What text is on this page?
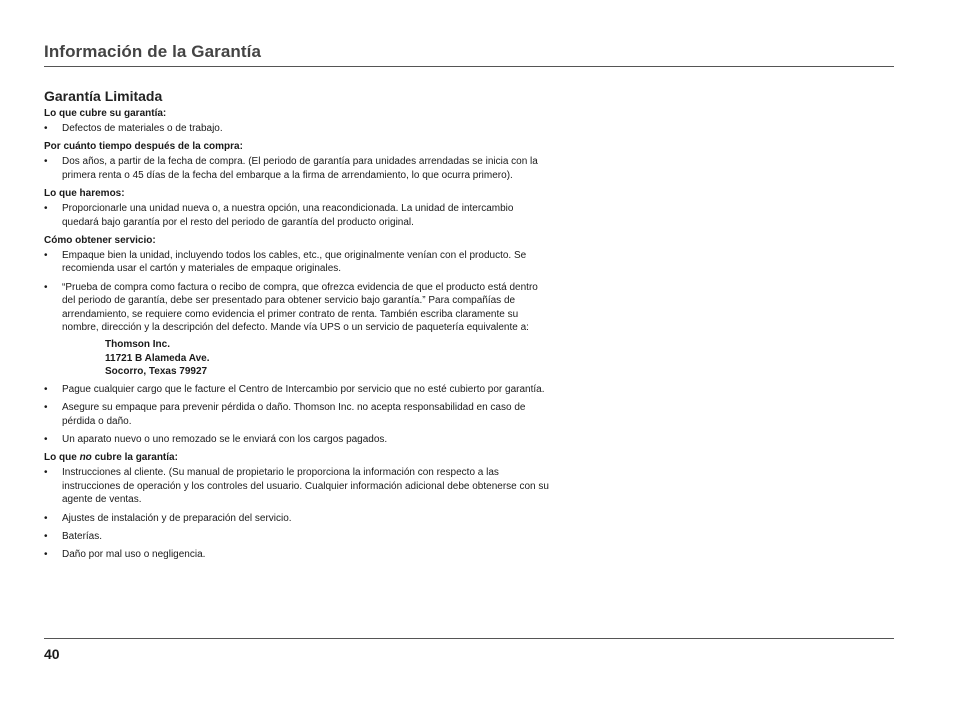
Información de la Garantía
Garantía Limitada
Lo que cubre su garantía:
• Defectos de materiales o de trabajo.
Por cuánto tiempo después de la compra:
• Dos años, a partir de la fecha de compra. (El periodo de garantía para unidades arrendadas se inicia con la primera renta o 45 días de la fecha del embarque a la firma de arrendamiento, lo que ocurra primero).
Lo que haremos:
• Proporcionarle una unidad nueva o, a nuestra opción, una reacondicionada. La unidad de intercambio quedará bajo garantía por el resto del periodo de garantía del producto original.
Cómo obtener servicio:
• Empaque bien la unidad, incluyendo todos los cables, etc., que originalmente venían con el producto. Se recomienda usar el cartón y materiales de empaque originales.
• “Prueba de compra como factura o recibo de compra, que ofrezca evidencia de que el producto está dentro del periodo de garantía, debe ser presentado para obtener servicio bajo garantía.” Para compañías de arrendamiento, se requiere como evidencia el primer contrato de renta. También escriba claramente su nombre, dirección y la descripción del defecto. Mande vía UPS o un servicio de paquetería equivalente a:
Thomson Inc.
11721 B Alameda Ave.
Socorro, Texas 79927
• Pague cualquier cargo que le facture el Centro de Intercambio por servicio que no esté cubierto por garantía.
• Asegure su empaque para prevenir pérdida o daño. Thomson Inc. no acepta responsabilidad en caso de pérdida o daño.
• Un aparato nuevo o uno remozado se le enviará con los cargos pagados.
Lo que no cubre la garantía:
• Instrucciones al cliente. (Su manual de propietario le proporciona la información con respecto a las instrucciones de operación y los controles del usuario. Cualquier información adicional debe obtenerse con su agente de ventas.
• Ajustes de instalación y de preparación del servicio.
• Baterías.
• Daño por mal uso o negligencia.
40
